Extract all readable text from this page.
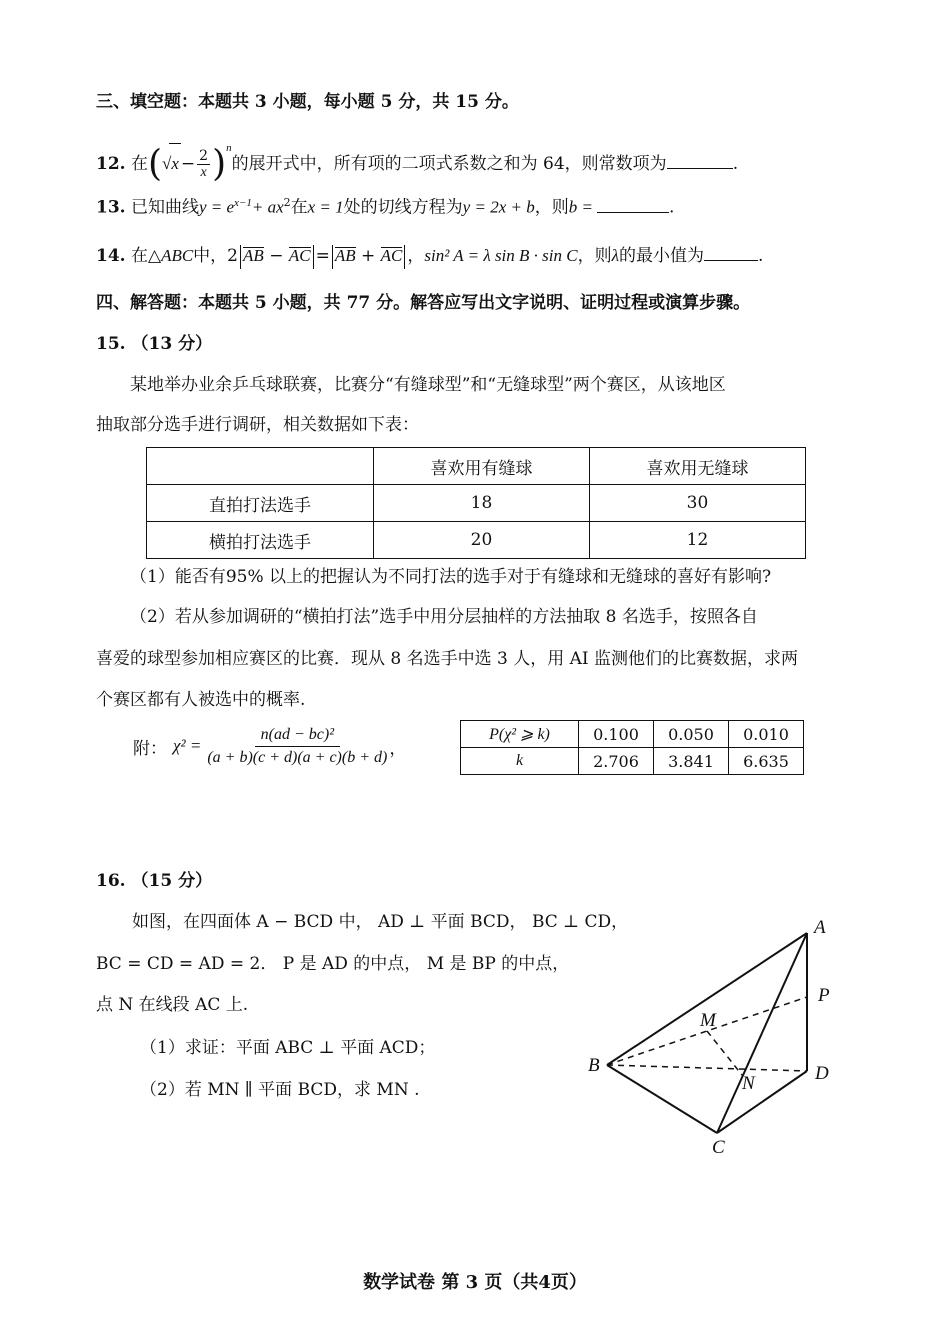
三、填空题：本题共 3 小题，每小题 5 分，共 15 分。
12. 在$(√x - \frac{2}{x} )^n$的展开式中，所有项的二项式系数之和为 64，则常数项为	.
13. 已知曲线$y = e^{x-1}+ ax^2$在x = 1处的切线方程为y = 2x + b，则b =	.
14. 在△ABC中，2 AB − AC = AB + AC ，sin² A = λ sin B · sin C，则λ的最小值为	.
四、解答题：本题共 5 小题，共 77 分。解答应写出文字说明、证明过程或演算步骤。
15. （13 分）
某地举办业余乒乓球联赛，比赛分“有缝球型”和“无缝球型”两个赛区，从该地区
抽取部分选手进行调研，相关数据如下表：
	喜欢用有缝球	喜欢用无缝球
直拍打法选手	18	30
横拍打法选手	20	12
（1）能否有95% 以上的把握认为不同打法的选手对于有缝球和无缝球的喜好有影响?
（2）若从参加调研的“横拍打法”选手中用分层抽样的方法抽取 8 名选手，按照各自
喜爱的球型参加相应赛区的比赛．现从 8 名选手中选 3 人，用 AI 监测他们的比赛数据，求两
个赛区都有人被选中的概率.
附： $\chi^2 = \frac{\text{n(ad − bc)²}}{(a + b)(c + d)(a + c)(b + d)}$ ，
P(χ² ⩾ k)	0.100	0.050	0.010
k	2.706	3.841	6.635
16. （15 分）
如图，在四面体 A − BCD 中， AD ⊥ 平面 BCD， BC ⊥ CD，
BC = CD = AD = 2． P 是 AD 的中点， M 是 BP 的中点，
点 N 在线段 AC 上.
（1）求证：平面 ABC ⊥ 平面 ACD；
（2）若 MN ∥ 平面 BCD，求 MN .
A
B
C
D
P
M
N
数学试卷 第 3 页（共4页）
